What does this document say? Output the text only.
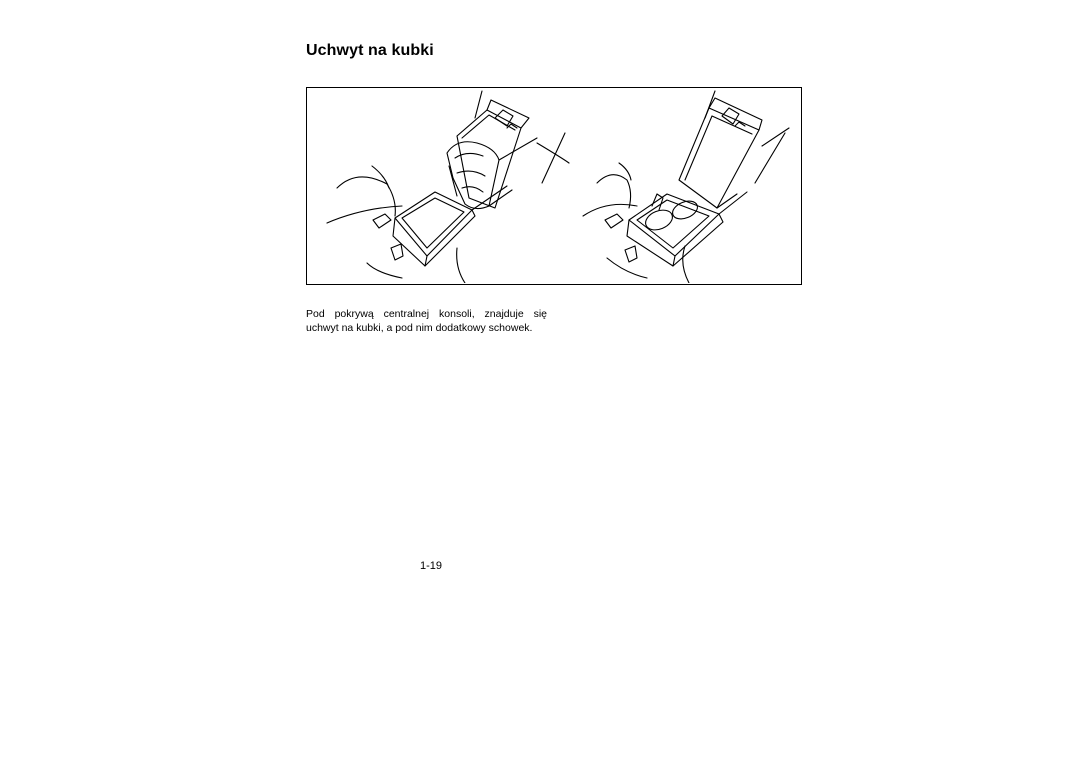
Uchwyt na kubki
Pod pokrywą centralnej konsoli, znajduje się
uchwyt na kubki, a pod nim dodatkowy schowek.
1-19
